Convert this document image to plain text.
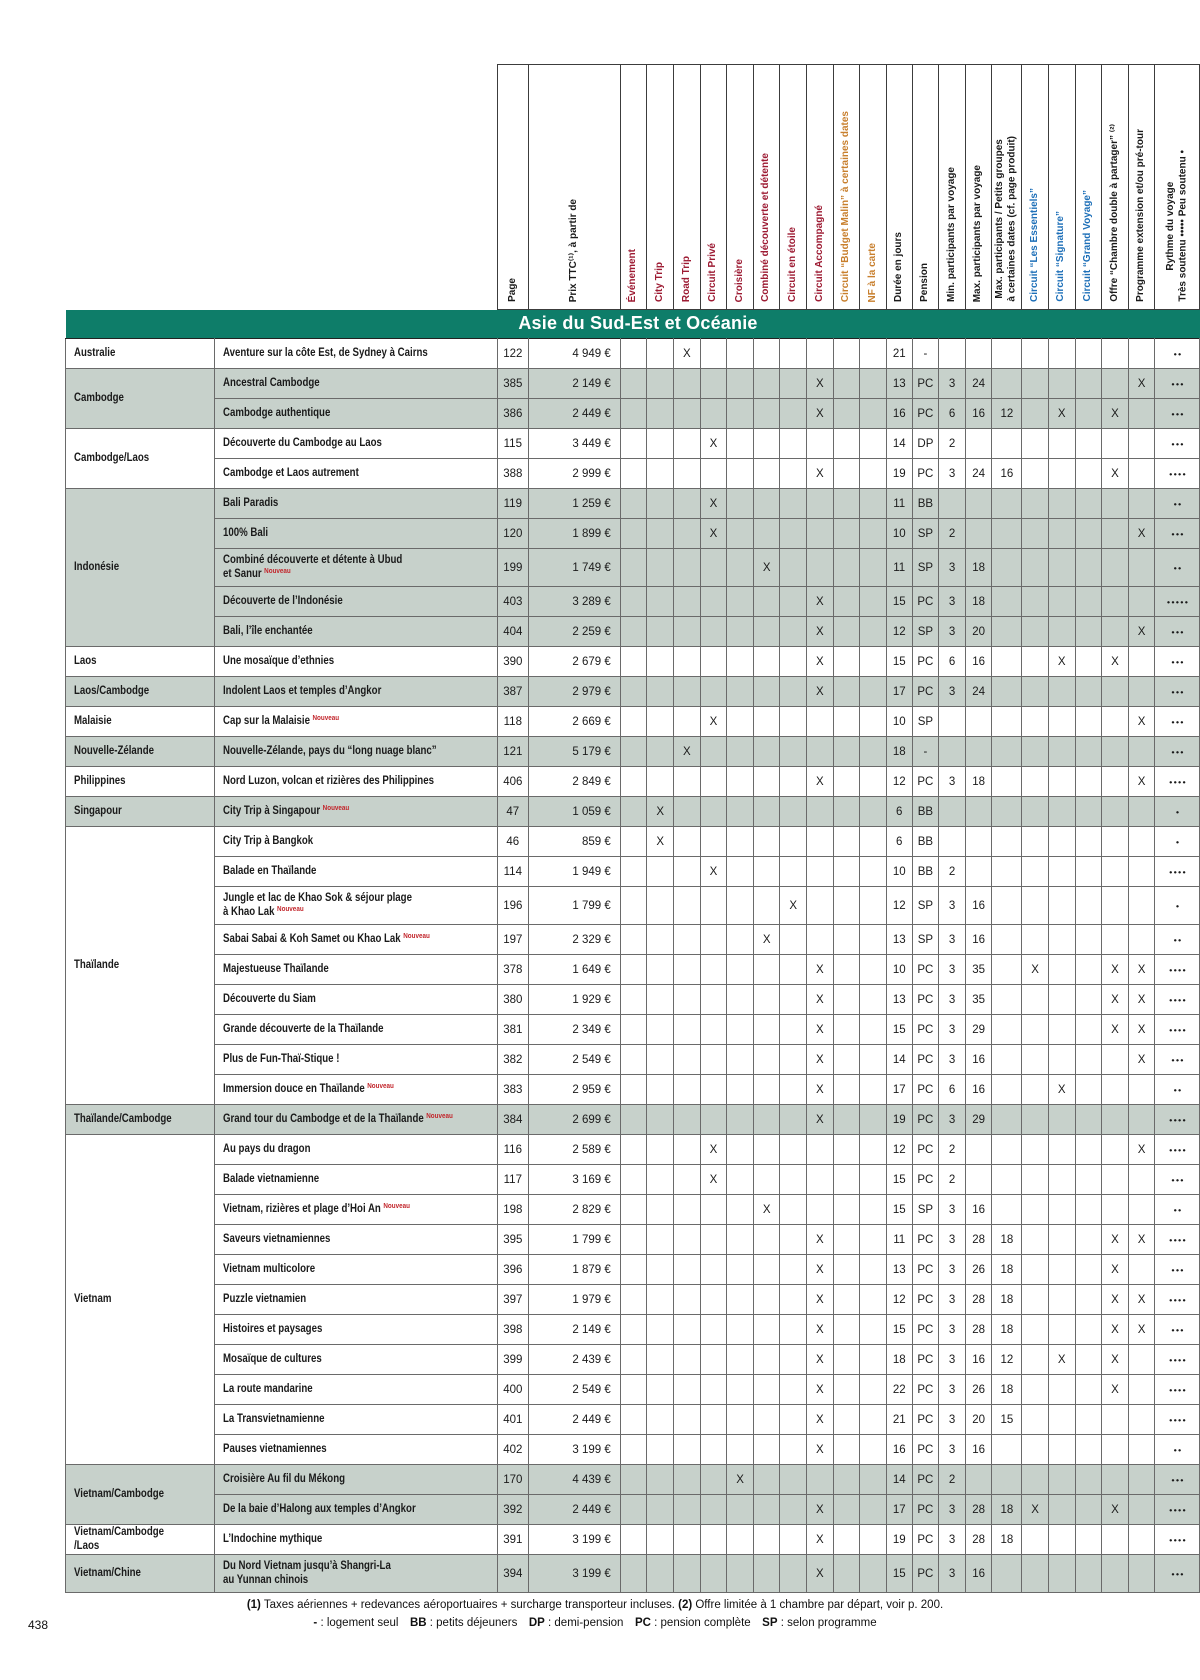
Page	Prix TTC⁽¹⁾, à partir de	Événement	City Trip	Road Trip	Circuit Privé	Croisière	Combiné découverte et détente	Circuit en étoile	Circuit Accompagné	Circuit “Budget Malin” à certaines dates	NF à la carte	Durée en jours	Pension	Min. participants par voyage	Max. participants par voyage	Max. participants / Petits groupes à certaines dates (cf. page produit)	Circuit “Les Essentiels”	Circuit “Signature”	Circuit “Grand Voyage”	Offre “Chambre double à partager” ⁽²⁾	Programme extension et/ou pré-tour	Rythme du voyage Très soutenu ••••• Peu soutenu •

Asie du Sud-Est et Océanie																								
Australie	Aventure sur la côte Est, de Sydney à Cairns	122	4 949 €			X								21	-									••
Cambodge	Ancestral Cambodge	385	2 149 €								X			13	PC	3	24						X	•••
	Cambodge authentique	386	2 449 €								X			16	PC	6	16	12		X		X		•••
Cambodge/Laos	Découverte du Cambodge au Laos	115	3 449 €				X							14	DP	2								•••
	Cambodge et Laos autrement	388	2 999 €								X			19	PC	3	24	16				X		••••
Indonésie	Bali Paradis	119	1 259 €				X							11	BB									••
	100% Bali	120	1 899 €				X							10	SP	2							X	•••
	Combiné découverte et détente à Ubud
et Sanur $^{Nouveau}$	199	1 749 €						X					11	SP	3	18							••
	Découverte de l’Indonésie	403	3 289 €								X			15	PC	3	18							•••••
	Bali, l’île enchantée	404	2 259 €								X			12	SP	3	20						X	•••
Laos	Une mosaïque d’ethnies	390	2 679 €								X			15	PC	6	16			X		X		•••
Laos/Cambodge	Indolent Laos et temples d’Angkor	387	2 979 €								X			17	PC	3	24							•••
Malaisie	Cap sur la Malaisie $^{Nouveau}$	118	2 669 €				X							10	SP								X	•••
Nouvelle-Zélande	Nouvelle-Zélande, pays du “long nuage blanc”	121	5 179 €			X								18	-									•••
Philippines	Nord Luzon, volcan et rizières des Philippines	406	2 849 €								X			12	PC	3	18						X	••••
Singapour	City Trip à Singapour $^{Nouveau}$	47	1 059 €		X									6	BB									•
Thaïlande	City Trip à Bangkok	46	859 €		X									6	BB									•
	Balade en Thaïlande	114	1 949 €				X							10	BB	2								••••
	Jungle et lac de Khao Sok & séjour plage
à Khao Lak $^{Nouveau}$	196	1 799 €							X				12	SP	3	16							•
	Sabai Sabai & Koh Samet ou Khao Lak $^{Nouveau}$	197	2 329 €						X					13	SP	3	16							••
	Majestueuse Thaïlande	378	1 649 €								X			10	PC	3	35		X			X	X	••••
	Découverte du Siam	380	1 929 €								X			13	PC	3	35					X	X	••••
	Grande découverte de la Thaïlande	381	2 349 €								X			15	PC	3	29					X	X	••••
	Plus de Fun-Thaï-Stique !	382	2 549 €								X			14	PC	3	16						X	•••
	Immersion douce en Thaïlande $^{Nouveau}$	383	2 959 €								X			17	PC	6	16			X				••
Thaïlande/Cambodge	Grand tour du Cambodge et de la Thaïlande $^{Nouveau}$	384	2 699 €								X			19	PC	3	29							••••
Vietnam	Au pays du dragon	116	2 589 €				X							12	PC	2							X	••••
	Balade vietnamienne	117	3 169 €				X							15	PC	2								•••
	Vietnam, rizières et plage d’Hoi An $^{Nouveau}$	198	2 829 €						X					15	SP	3	16							••
	Saveurs vietnamiennes	395	1 799 €								X			11	PC	3	28	18				X	X	••••
	Vietnam multicolore	396	1 879 €								X			13	PC	3	26	18				X		•••
	Puzzle vietnamien	397	1 979 €								X			12	PC	3	28	18				X	X	••••
	Histoires et paysages	398	2 149 €								X			15	PC	3	28	18				X	X	•••
	Mosaïque de cultures	399	2 439 €								X			18	PC	3	16	12		X		X		••••
	La route mandarine	400	2 549 €								X			22	PC	3	26	18				X		••••
	La Transvietnamienne	401	2 449 €								X			21	PC	3	20	15						••••
	Pauses vietnamiennes	402	3 199 €								X			16	PC	3	16							••
Vietnam/Cambodge	Croisière Au fil du Mékong	170	4 439 €					X						14	PC	2								•••
	De la baie d’Halong aux temples d’Angkor	392	2 449 €								X			17	PC	3	28	18	X			X		••••
Vietnam/Cambodge
/Laos	L’Indochine mythique	391	3 199 €								X			19	PC	3	28	18						••••
Vietnam/Chine	Du Nord Vietnam jusqu’à Shangri-La
au Yunnan chinois	394	3 199 €								X			15	PC	3	16							•••
(1) Taxes aériennes + redevances aéroportuaires + surcharge transporteur incluses. (2) Offre limitée à 1 chambre par départ, voir p. 200.
- : logement seul  BB : petits déjeuners  DP : demi-pension  PC : pension complète  SP : selon programme
438
